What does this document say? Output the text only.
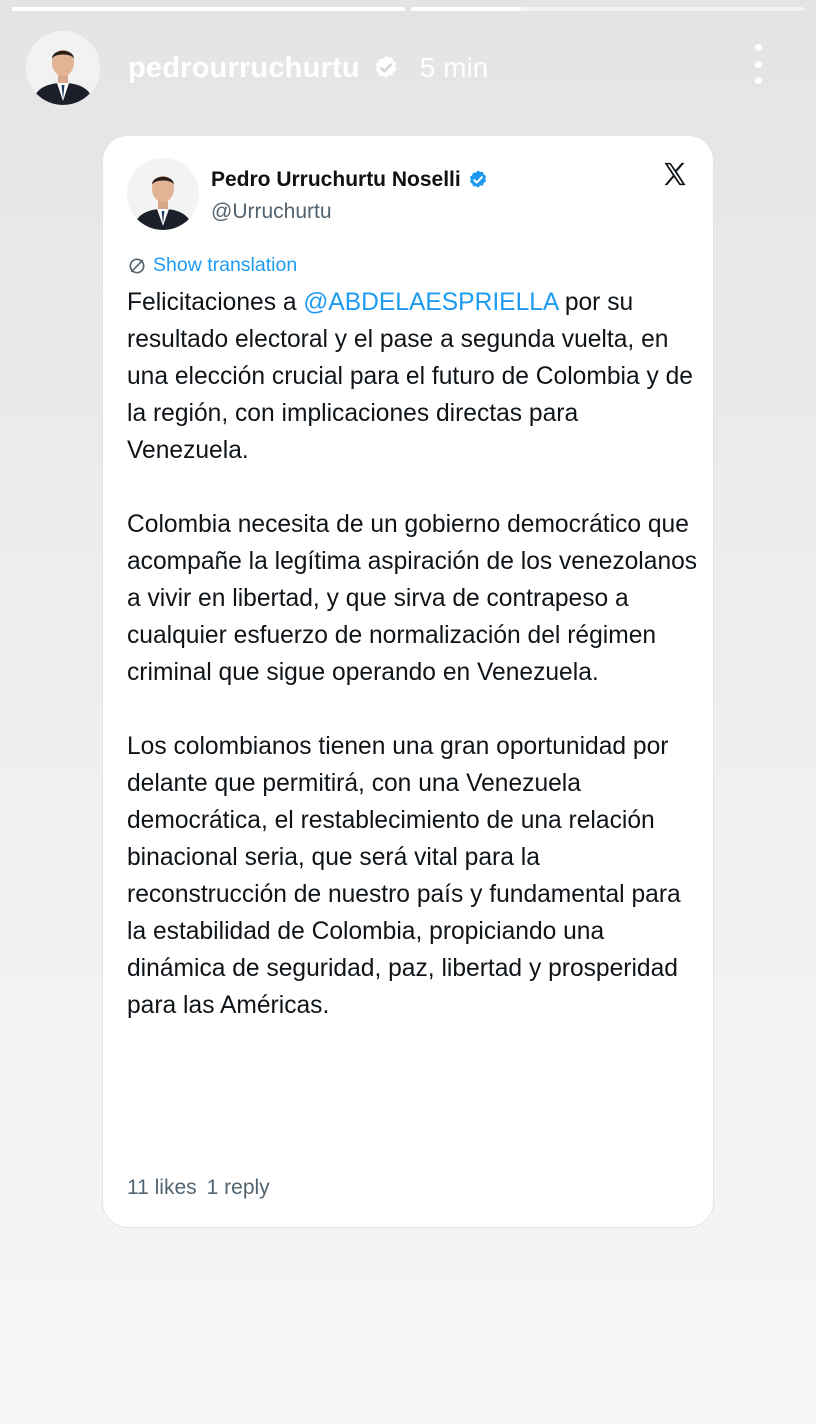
pedrourruchurtu 5 min
Pedro Urruchurtu Noselli
@Urruchurtu
Show translation

Felicitaciones a @ABDELAESPRIELLA por su resultado electoral y el pase a segunda vuelta, en una elección crucial para el futuro de Colombia y de la región, con implicaciones directas para Venezuela.

Colombia necesita de un gobierno democrático que acompañe la legítima aspiración de los venezolanos a vivir en libertad, y que sirva de contrapeso a cualquier esfuerzo de normalización del régimen criminal que sigue operando en Venezuela.

Los colombianos tienen una gran oportunidad por delante que permitirá, con una Venezuela democrática, el restablecimiento de una relación binacional seria, que será vital para la reconstrucción de nuestro país y fundamental para la estabilidad de Colombia, propiciando una dinámica de seguridad, paz, libertad y prosperidad para las Américas.

11 likes 1 reply
